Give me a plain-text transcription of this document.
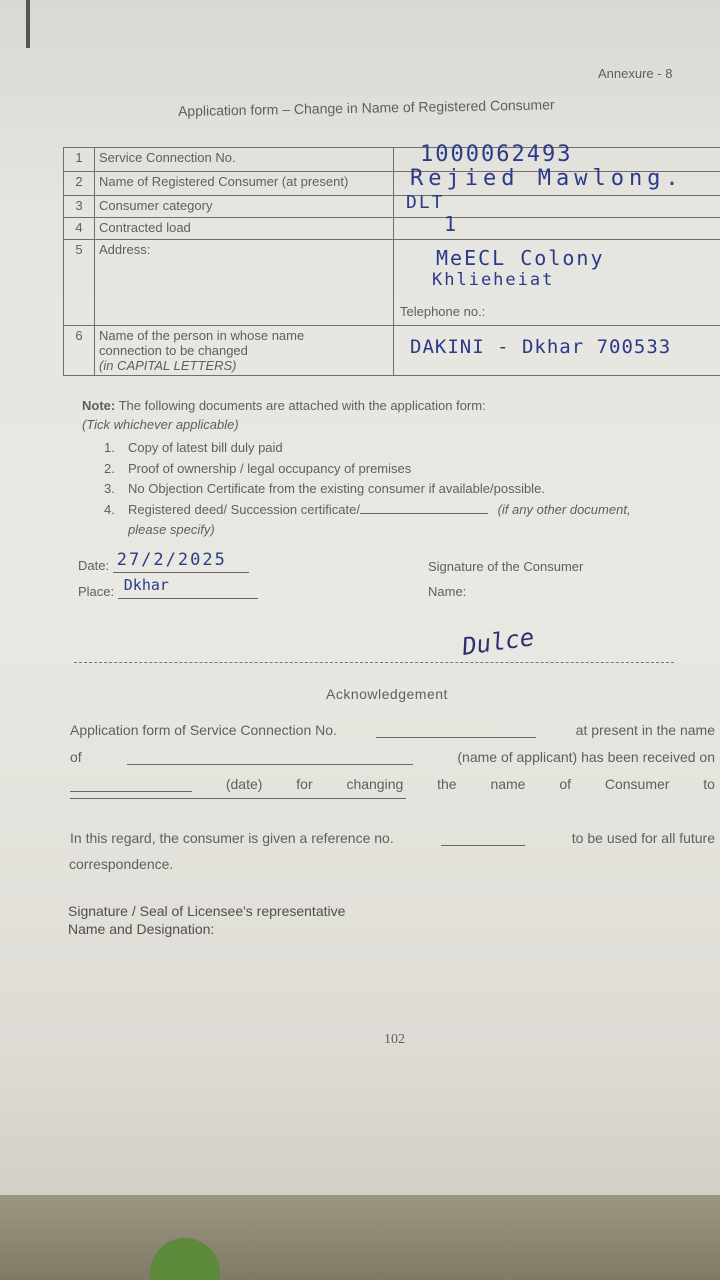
Annexure - 8
Application form – Change in Name of Registered Consumer
1	Service Connection No.	1000062493

2	Name of Registered Consumer (at present)	Rejied Mawlong.

3	Consumer category	DLT

4	Contracted load	1

5	Address:	MeECL Colony
Khlieheiat
Telephone no.:

6	Name of the person in whose name
connection to be changed
(in CAPITAL LETTERS)	DAKINI - Dkhar 700533
Note: The following documents are attached with the application form:
(Tick whichever applicable)
1. Copy of latest bill duly paid
2. Proof of ownership / legal occupancy of premises
3. No Objection Certificate from the existing consumer if available/possible.
4. Registered deed/ Succession certificate/	(if any other document,
please specify)
Date: 27/2/2025
Place: Dkhar
Signature of the Consumer
Name:
Dulce
Acknowledgement
Application form of Service Connection No.	at present in the name
of	(name of applicant) has been received on
(date) for changing the name of Consumer to
In this regard, the consumer is given a reference no.	to be used for all future
correspondence.
Signature / Seal of Licensee's representative
Name and Designation:
102
